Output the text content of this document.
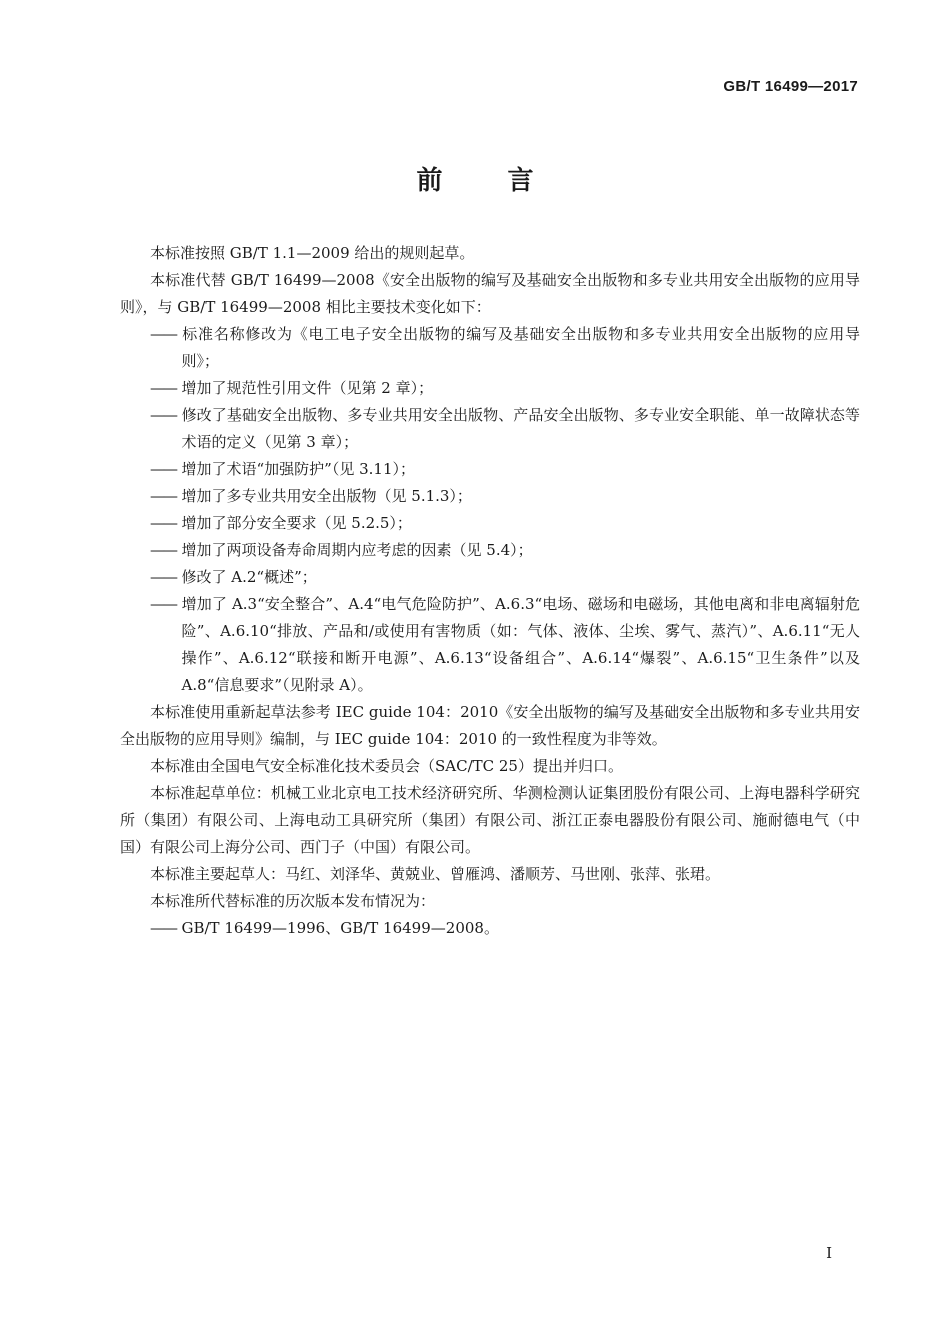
GB/T 16499—2017
前 言

本标准按照 GB/T 1.1—2009 给出的规则起草。

本标准代替 GB/T 16499—2008《安全出版物的编写及基础安全出版物和多专业共用安全出版物的应用导则》，与 GB/T 16499—2008 相比主要技术变化如下：

—— 标准名称修改为《电工电子安全出版物的编写及基础安全出版物和多专业共用安全出版物的应用导则》；
—— 增加了规范性引用文件（见第 2 章）；
—— 修改了基础安全出版物、多专业共用安全出版物、产品安全出版物、多专业安全职能、单一故障状态等术语的定义（见第 3 章）；
—— 增加了术语“加强防护”（见 3.11）；
—— 增加了多专业共用安全出版物（见 5.1.3）；
—— 增加了部分安全要求（见 5.2.5）；
—— 增加了两项设备寿命周期内应考虑的因素（见 5.4）；
—— 修改了 A.2“概述”；
—— 增加了 A.3“安全整合”、A.4“电气危险防护”、A.6.3“电场、磁场和电磁场，其他电离和非电离辐射危险”、A.6.10“排放、产品和/或使用有害物质（如：气体、液体、尘埃、雾气、蒸汽）”、A.6.11“无人操作”、A.6.12“联接和断开电源”、A.6.13“设备组合”、A.6.14“爆裂”、A.6.15“卫生条件”以及 A.8“信息要求”（见附录 A）。

本标准使用重新起草法参考 IEC guide 104：2010《安全出版物的编写及基础安全出版物和多专业共用安全出版物的应用导则》编制，与 IEC guide 104：2010 的一致性程度为非等效。

本标准由全国电气安全标准化技术委员会（SAC/TC 25）提出并归口。

本标准起草单位：机械工业北京电工技术经济研究所、华测检测认证集团股份有限公司、上海电器科学研究所（集团）有限公司、上海电动工具研究所（集团）有限公司、浙江正泰电器股份有限公司、施耐德电气（中国）有限公司上海分公司、西门子（中国）有限公司。

本标准主要起草人：马红、刘泽华、黄兢业、曾雁鸿、潘顺芳、马世刚、张萍、张珺。

本标准所代替标准的历次版本发布情况为：

—— GB/T 16499—1996、GB/T 16499—2008。
I
